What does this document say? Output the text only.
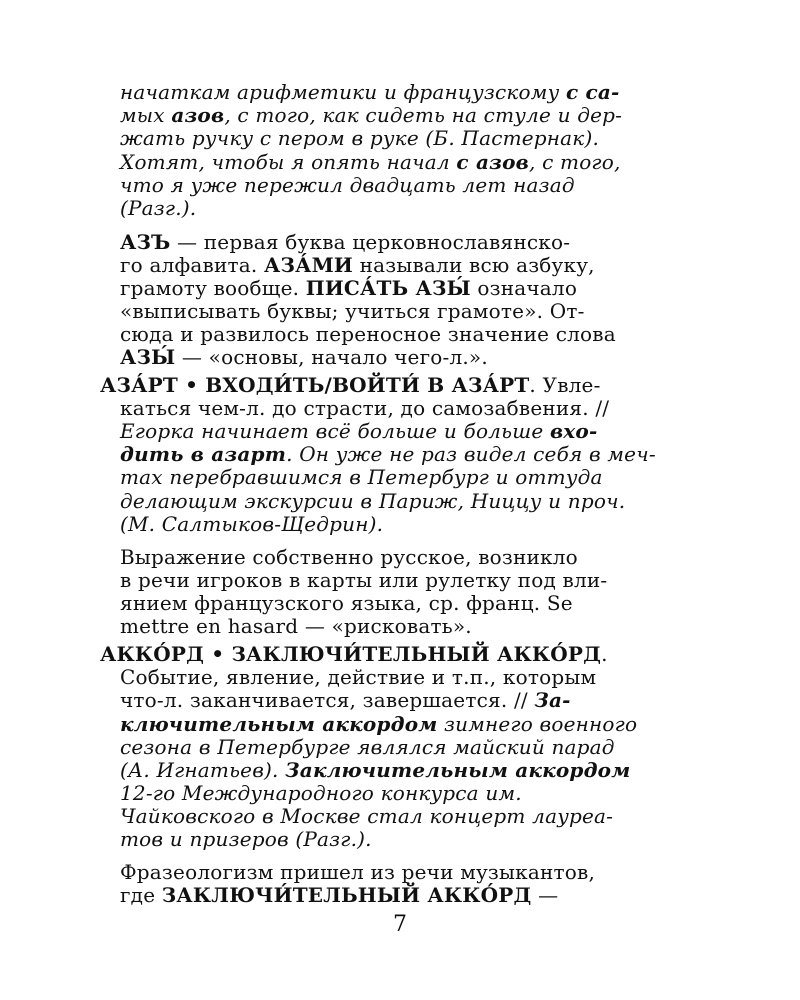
начаткам арифметики и французскому с са-
мых азов, с того, как сидеть на стуле и дер-
жать ручку с пером в руке (Б. Пастернак).
Хотят, чтобы я опять начал с азов, с того,
что я уже пережил двадцать лет назад
(Разг.).
АЗЪ — первая буква церковнославянско-
го алфавита. АЗА́МИ называли всю азбуку,
грамоту вообще. ПИСА́ТЬ АЗЫ́ означало
«выписывать буквы; учиться грамоте». От-
сюда и развилось переносное значение слова
АЗЫ́ — «основы, начало чего-л.».
АЗА́РТ • ВХОДИ́ТЬ/ВОЙТИ́ В АЗА́РТ. Увле-
каться чем-л. до страсти, до самозабвения. //
Егорка начинает всё больше и больше вхо-
дить в азарт. Он уже не раз видел себя в меч-
тах перебравшимся в Петербург и оттуда
делающим экскурсии в Париж, Ниццу и проч.
(М. Салтыков-Щедрин).
Выражение собственно русское, возникло
в речи игроков в карты или рулетку под вли-
янием французского языка, ср. франц. Se
mettre en hasard — «рисковать».
АККО́РД • ЗАКЛЮЧИ́ТЕЛЬНЫЙ АККО́РД.
Событие, явление, действие и т.п., которым
что-л. заканчивается, завершается. // За-
ключительным аккордом зимнего военного
сезона в Петербурге являлся майский парад
(А. Игнатьев). Заключительным аккордом
12-го Международного конкурса им.
Чайковского в Москве стал концерт лауреа-
тов и призеров (Разг.).
Фразеологизм пришел из речи музыкантов,
где ЗАКЛЮЧИ́ТЕЛЬНЫЙ АККО́РД —
7
